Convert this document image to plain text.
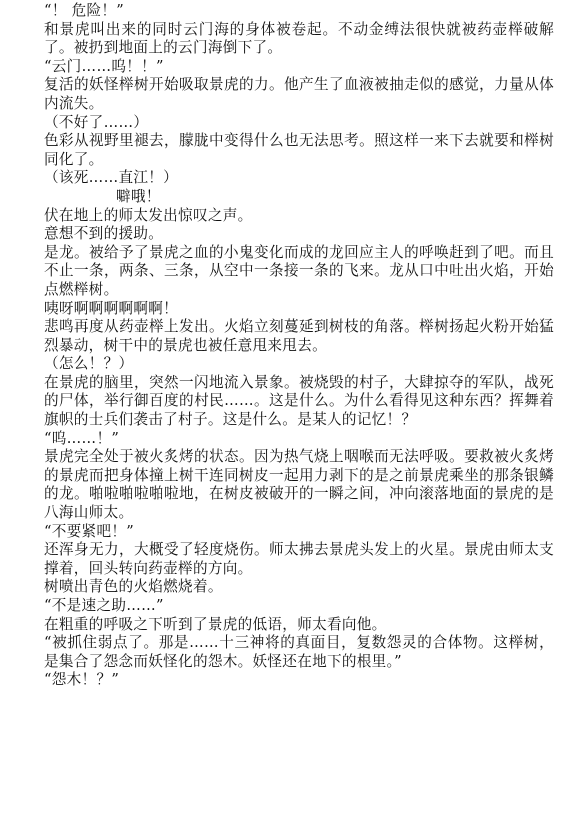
“！ 危险！”

和景虎叫出来的同时云门海的身体被卷起。不动金缚法很快就被药壶榉破解了。被扔到地面上的云门海倒下了。

“云门……呜！！”

复活的妖怪榉树开始吸取景虎的力。他产生了血液被抽走似的感觉，力量从体内流失。

（不好了……）

色彩从视野里褪去，朦胧中变得什么也无法思考。照这样一来下去就要和榉树同化了。

（该死……直江！）

噼哦！

伏在地上的师太发出惊叹之声。

意想不到的援助。

是龙。被给予了景虎之血的小鬼变化而成的龙回应主人的呼唤赶到了吧。而且不止一条，两条、三条，从空中一条接一条的飞来。龙从口中吐出火焰，开始点燃榉树。

咦呀啊啊啊啊啊啊！

悲鸣再度从药壶榉上发出。火焰立刻蔓延到树枝的角落。榉树扬起火粉开始猛烈暴动，树干中的景虎也被任意甩来甩去。

（怎么！？）

在景虎的脑里，突然一闪地流入景象。被烧毁的村子，大肆掠夺的军队，战死的尸体，举行御百度的村民……。这是什么。为什么看得见这种东西？挥舞着旗帜的士兵们袭击了村子。这是什么。是某人的记忆！？

“呜……！”

景虎完全处于被火炙烤的状态。因为热气烧上咽喉而无法呼吸。要救被火炙烤的景虎而把身体撞上树干连同树皮一起用力剥下的是之前景虎乘坐的那条银鳞的龙。啪啦啪啦啪啦地，在树皮被破开的一瞬之间，冲向滚落地面的景虎的是八海山师太。

“不要紧吧！”

还浑身无力，大概受了轻度烧伤。师太拂去景虎头发上的火星。景虎由师太支撑着，回头转向药壶榉的方向。

树喷出青色的火焰燃烧着。

“不是速之助……”

在粗重的呼吸之下听到了景虎的低语，师太看向他。

“被抓住弱点了。那是……十三神将的真面目，复数怨灵的合体物。这榉树，是集合了怨念而妖怪化的怨木。妖怪还在地下的根里。”

“怨木！？”
